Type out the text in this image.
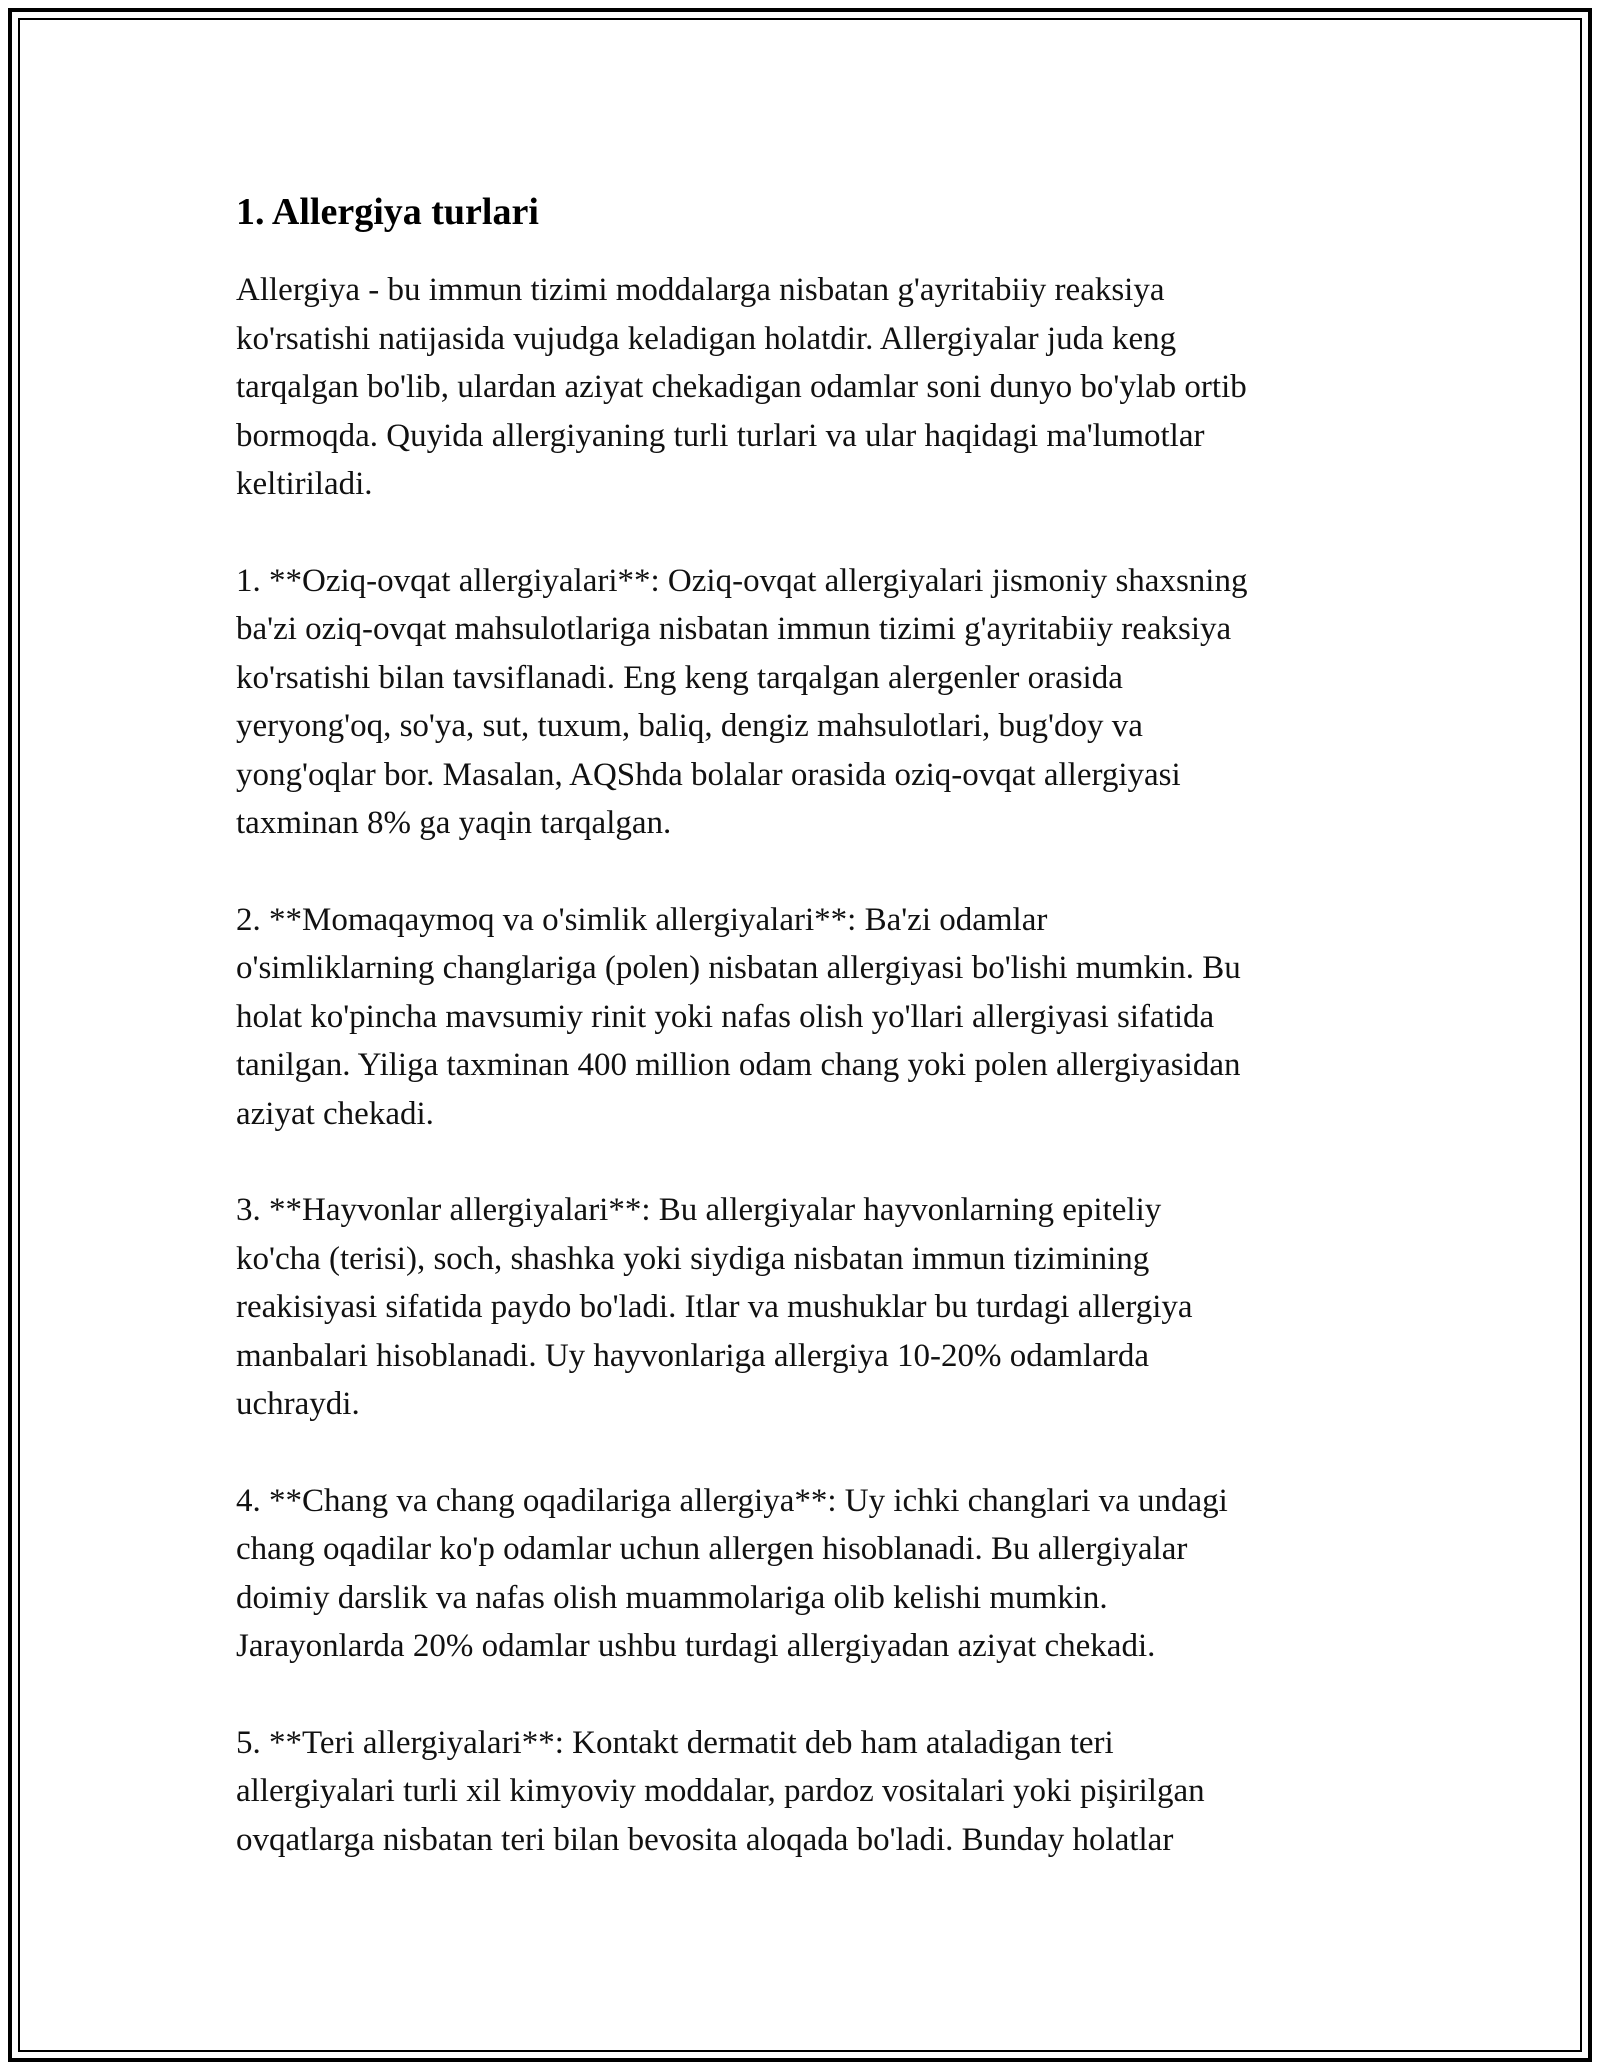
1. Allergiya turlari

Allergiya - bu immun tizimi moddalarga nisbatan g'ayritabiiy reaksiya
ko'rsatishi natijasida vujudga keladigan holatdir. Allergiyalar juda keng
tarqalgan bo'lib, ulardan aziyat chekadigan odamlar soni dunyo bo'ylab ortib
bormoqda. Quyida allergiyaning turli turlari va ular haqidagi ma'lumotlar
keltiriladi.

1. **Oziq-ovqat allergiyalari**: Oziq-ovqat allergiyalari jismoniy shaxsning
ba'zi oziq-ovqat mahsulotlariga nisbatan immun tizimi g'ayritabiiy reaksiya
ko'rsatishi bilan tavsiflanadi. Eng keng tarqalgan alergenler orasida
yeryong'oq, so'ya, sut, tuxum, baliq, dengiz mahsulotlari, bug'doy va
yong'oqlar bor. Masalan, AQShda bolalar orasida oziq-ovqat allergiyasi
taxminan 8% ga yaqin tarqalgan.

2. **Momaqaymoq va o'simlik allergiyalari**: Ba'zi odamlar
o'simliklarning changlariga (polen) nisbatan allergiyasi bo'lishi mumkin. Bu
holat ko'pincha mavsumiy rinit yoki nafas olish yo'llari allergiyasi sifatida
tanilgan. Yiliga taxminan 400 million odam chang yoki polen allergiyasidan
aziyat chekadi.

3. **Hayvonlar allergiyalari**: Bu allergiyalar hayvonlarning epiteliy
ko'cha (terisi), soch, shashka yoki siydiga nisbatan immun tizimining
reakisiyasi sifatida paydo bo'ladi. Itlar va mushuklar bu turdagi allergiya
manbalari hisoblanadi. Uy hayvonlariga allergiya 10-20% odamlarda
uchraydi.

4. **Chang va chang oqadilariga allergiya**: Uy ichki changlari va undagi
chang oqadilar ko'p odamlar uchun allergen hisoblanadi. Bu allergiyalar
doimiy darslik va nafas olish muammolariga olib kelishi mumkin.
Jarayonlarda 20% odamlar ushbu turdagi allergiyadan aziyat chekadi.

5. **Teri allergiyalari**: Kontakt dermatit deb ham ataladigan teri
allergiyalari turli xil kimyoviy moddalar, pardoz vositalari yoki pişirilgan
ovqatlarga nisbatan teri bilan bevosita aloqada bo'ladi. Bunday holatlar
